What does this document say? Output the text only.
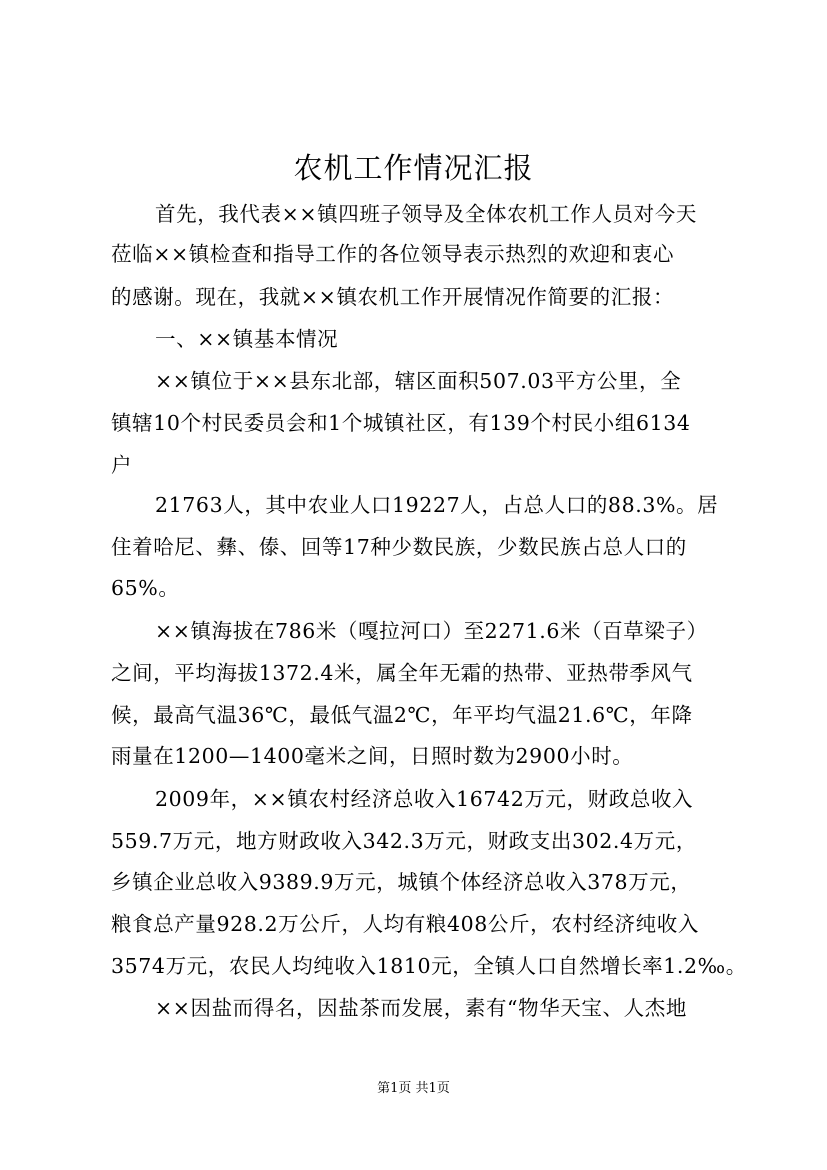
农机工作情况汇报
首先，我代表××镇四班子领导及全体农机工作人员对今天
莅临××镇检查和指导工作的各位领导表示热烈的欢迎和衷心
的感谢。现在，我就××镇农机工作开展情况作简要的汇报：
一、××镇基本情况
××镇位于××县东北部，辖区面积507.03平方公里，全
镇辖10个村民委员会和1个城镇社区，有139个村民小组6134
户
21763人，其中农业人口19227人，占总人口的88.3%。居
住着哈尼、彝、傣、回等17种少数民族，少数民族占总人口的
65%。
××镇海拔在786米（嘎拉河口）至2271.6米（百草梁子）
之间，平均海拔1372.4米，属全年无霜的热带、亚热带季风气
候，最高气温36℃，最低气温2℃，年平均气温21.6℃，年降
雨量在1200—1400毫米之间，日照时数为2900小时。
2009年，××镇农村经济总收入16742万元，财政总收入
559.7万元，地方财政收入342.3万元，财政支出302.4万元，
乡镇企业总收入9389.9万元，城镇个体经济总收入378万元，
粮食总产量928.2万公斤，人均有粮408公斤，农村经济纯收入
3574万元，农民人均纯收入1810元，全镇人口自然增长率1.2‰。
××因盐而得名，因盐茶而发展，素有“物华天宝、人杰地
第1页 共1页
